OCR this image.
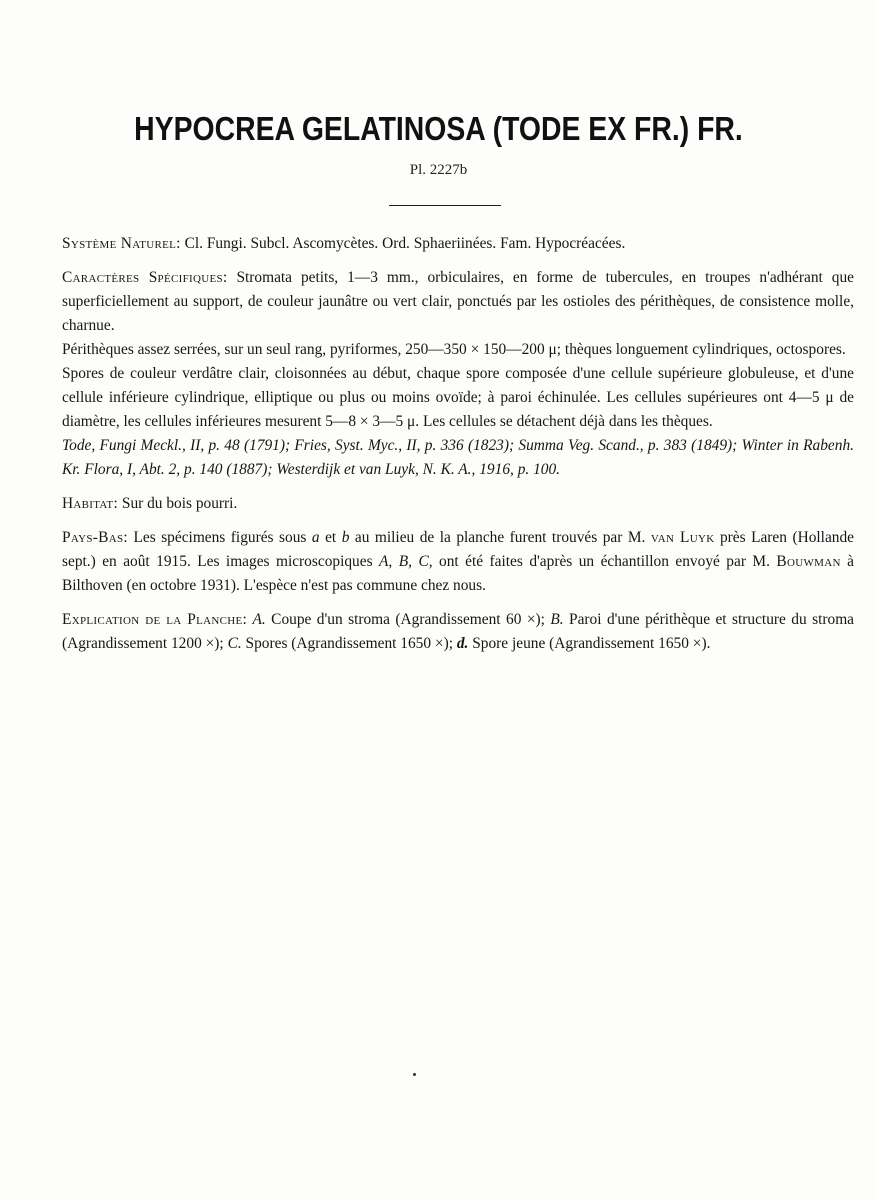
HYPOCREA GELATINOSA (TODE EX FR.) FR.
Pl. 2227b

Système Naturel: Cl. Fungi. Subcl. Ascomycètes. Ord. Sphaeriinées. Fam. Hypocréacées.

Caractères Spécifiques: Stromata petits, 1—3 mm., orbiculaires, en forme de tubercules, en troupes n'adhérant que superficiellement au support, de couleur jaunâtre ou vert clair, ponctués par les ostioles des périthèques, de consistence molle, charnue.

Périthèques assez serrées, sur un seul rang, pyriformes, 250—350 × 150—200 μ; thèques longuement cylindriques, octospores.

Spores de couleur verdâtre clair, cloisonnées au début, chaque spore composée d'une cellule supérieure globuleuse, et d'une cellule inférieure cylindrique, elliptique ou plus ou moins ovoïde; à paroi échinulée. Les cellules supérieures ont 4—5 μ de diamètre, les cellules inférieures mesurent 5—8 × 3—5 μ. Les cellules se détachent déjà dans les thèques.

Tode, Fungi Meckl., II, p. 48 (1791); Fries, Syst. Myc., II, p. 336 (1823); Summa Veg. Scand., p. 383 (1849); Winter in Rabenh. Kr. Flora, I, Abt. 2, p. 140 (1887); Westerdijk et van Luyk, N. K. A., 1916, p. 100.

Habitat: Sur du bois pourri.

Pays-Bas: Les spécimens figurés sous a et b au milieu de la planche furent trouvés par M. van Luyk près Laren (Hollande sept.) en août 1915. Les images microscopiques A, B, C, ont été faites d'après un échantillon envoyé par M. Bouwman à Bilthoven (en octobre 1931). L'espèce n'est pas commune chez nous.

Explication de la Planche: A. Coupe d'un stroma (Agrandissement 60 ×); B. Paroi d'une périthèque et structure du stroma (Agrandissement 1200 ×); C. Spores (Agrandissement 1650 ×); d. Spore jeune (Agrandissement 1650 ×).
